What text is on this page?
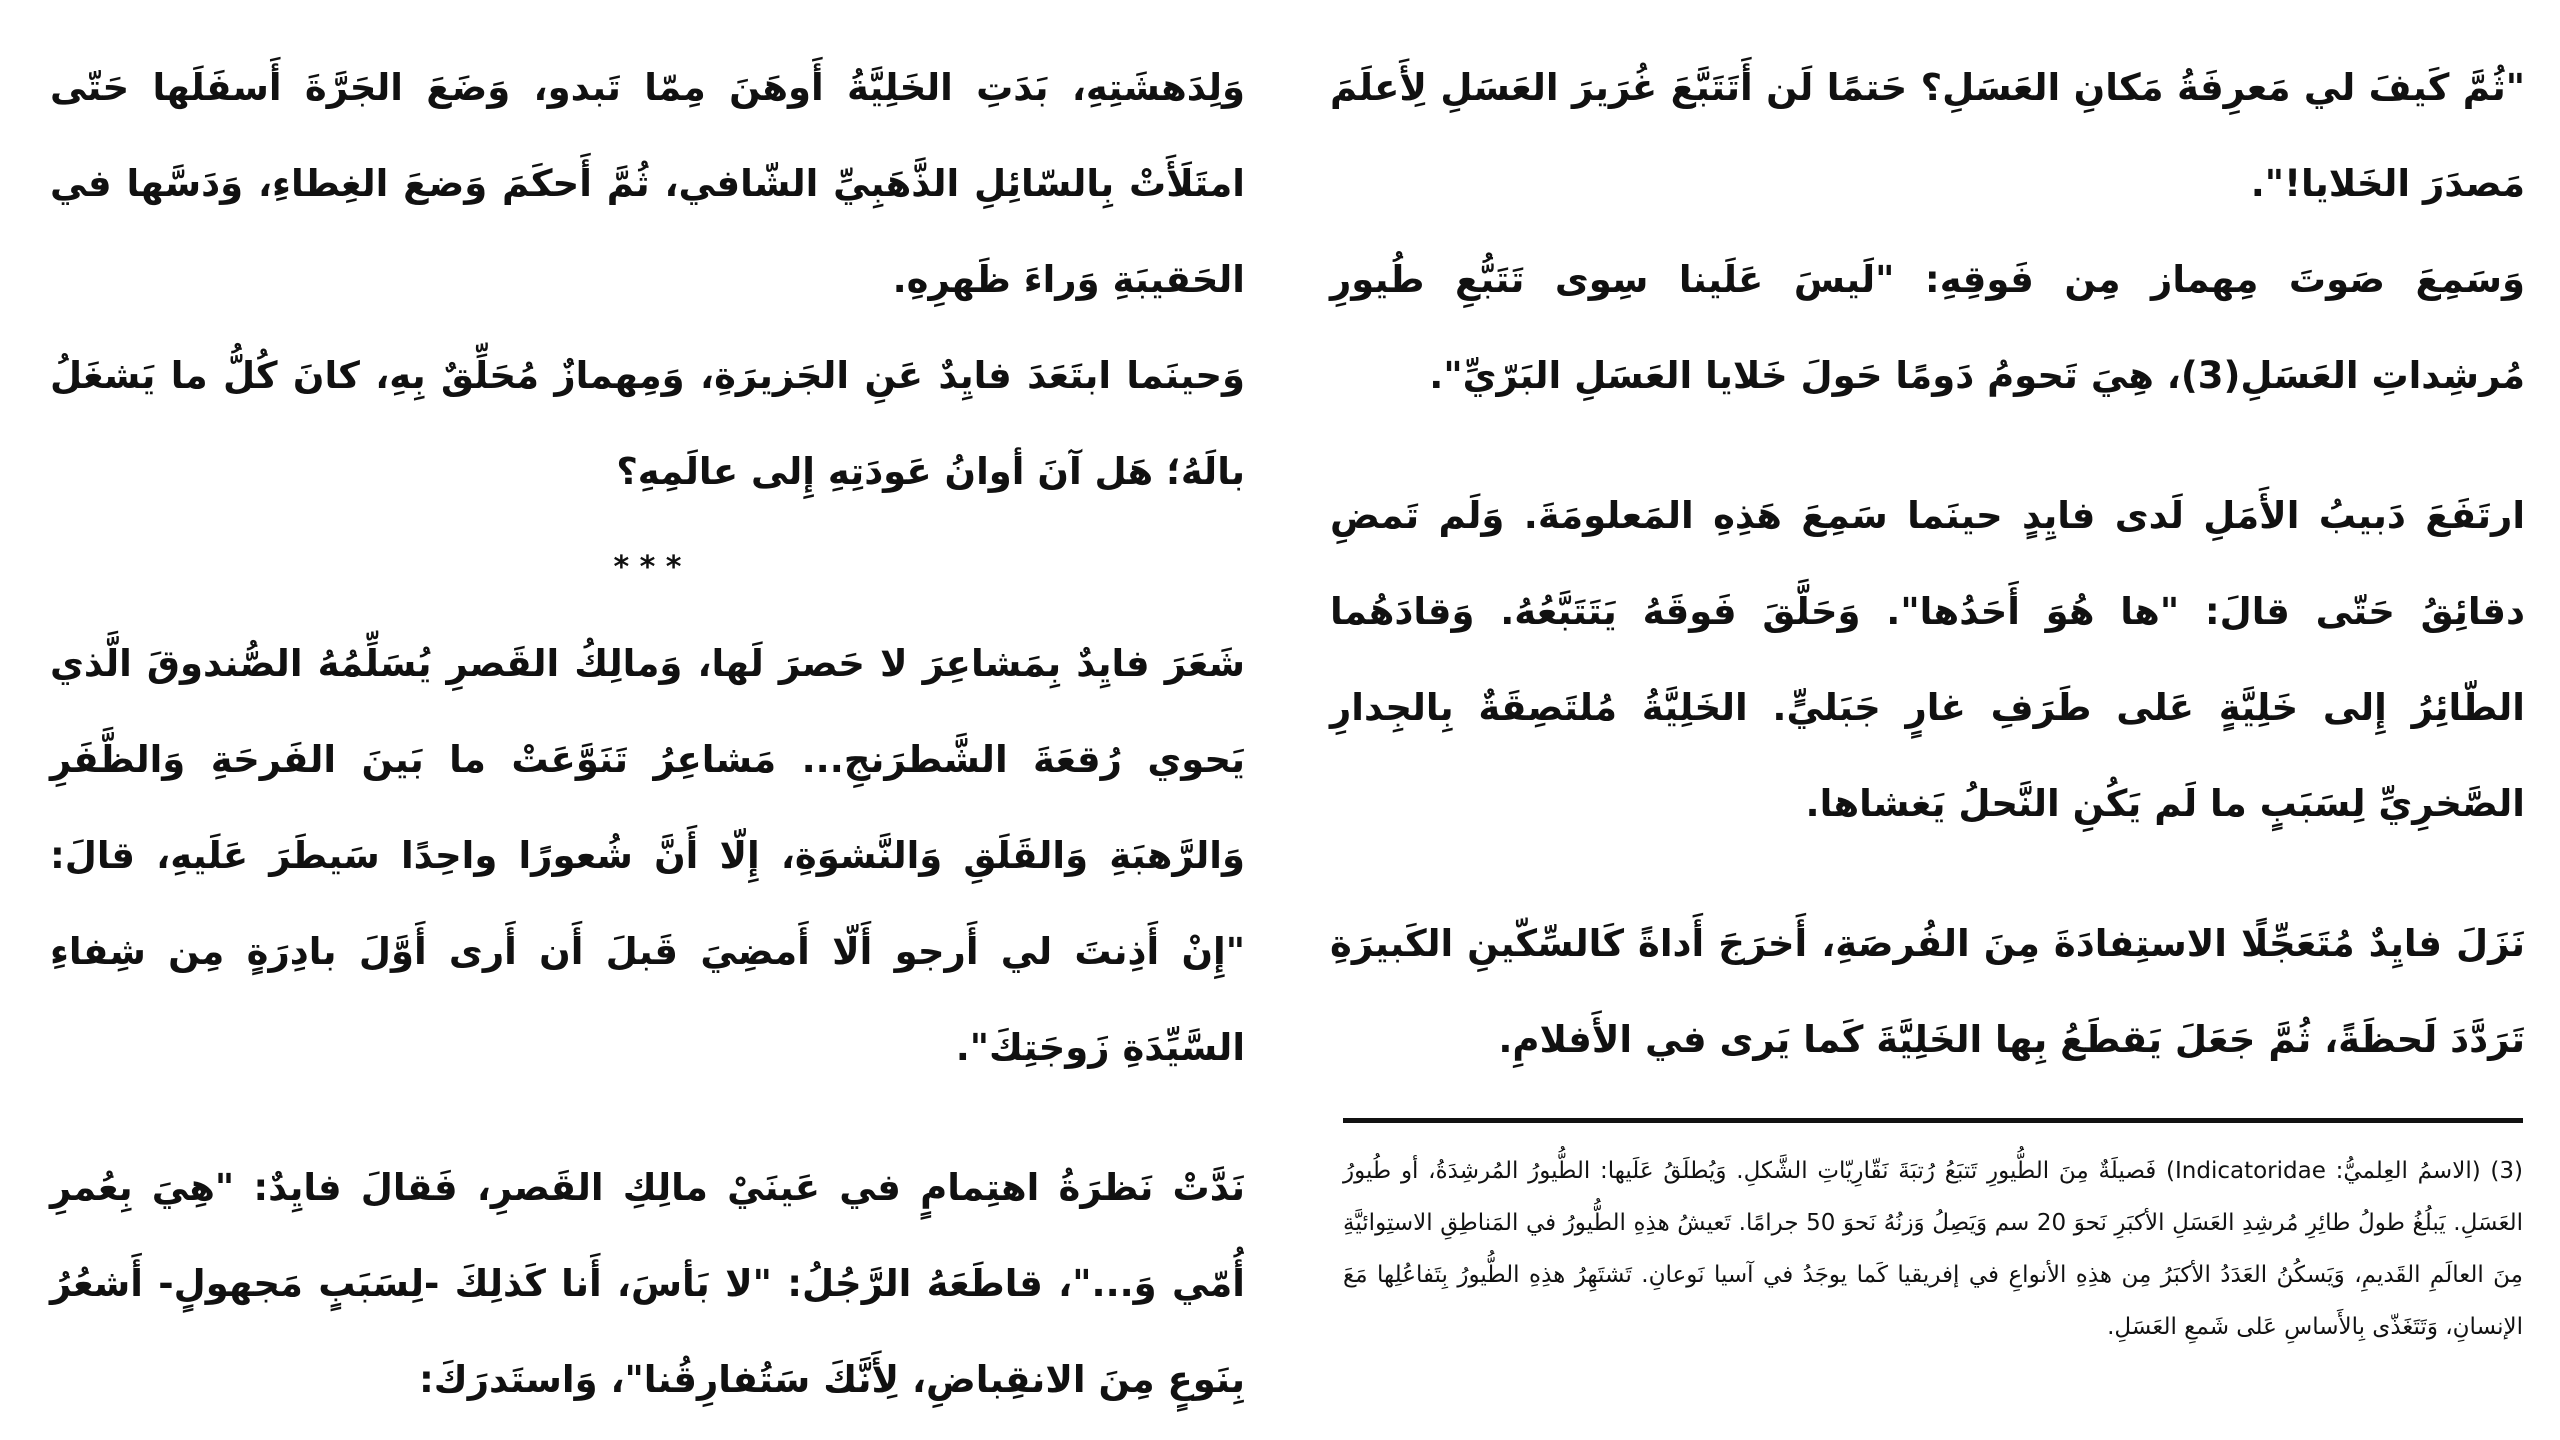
"ثُمَّ كَيفَ لي مَعرِفَةُ مَكانِ العَسَلِ؟ حَتمًا لَن أَتَتَبَّعَ غُرَيرَ العَسَلِ لِأَعلَمَ مَصدَرَ الخَلايا!".

وَسَمِعَ صَوتَ مِهماز مِن فَوقِهِ: "لَيسَ عَلَينا سِوى تَتَبُّعِ طُيورِ مُرشِداتِ العَسَلِ(3)، هِيَ تَحومُ دَومًا حَولَ خَلايا العَسَلِ البَرّيِّ".

ارتَفَعَ دَبيبُ الأَمَلِ لَدى فايِدٍ حينَما سَمِعَ هَذِهِ المَعلومَةَ. وَلَم تَمضِ دقائِقُ حَتّى قالَ: "ها هُوَ أَحَدُها". وَحَلَّقَ فَوقَهُ يَتَتَبَّعُهُ. وَقادَهُما الطّائِرُ إِلى خَلِيَّةٍ عَلى طَرَفِ غارٍ جَبَليٍّ. الخَلِيَّةُ مُلتَصِقَةٌ بِالجِدارِ الصَّخرِيِّ لِسَبَبٍ ما لَم يَكُنِ النَّحلُ يَغشاها.

نَزَلَ فايِدٌ مُتَعَجِّلًا الاستِفادَةَ مِنَ الفُرصَةِ، أَخرَجَ أَداةً كَالسِّكّينِ الكَبيرَةِ تَرَدَّدَ لَحظَةً، ثُمَّ جَعَلَ يَقطَعُ بِها الخَلِيَّةَ كَما يَرى في الأَفلامِ.

(3) (الاسمُ العِلميُّ: Indicatoridae) فَصيلَةٌ مِنَ الطُّيورِ تَتبَعُ رُتبَةَ نَقّارِيّاتِ الشَّكلِ. وَيُطلَقُ عَلَيها: الطُّيورُ المُرشِدَةُ، أو طُيورُ العَسَلِ. يَبلُغُ طولُ طائِرِ مُرشِدِ العَسَلِ الأكبَرِ نَحوَ 20 سم وَيَصِلُ وَزنُهُ نَحوَ 50 جرامًا. تَعيشُ هذِهِ الطُّيورُ في المَناطِقِ الاستِوائيَّةِ مِنَ العالَمِ القَديمِ، وَيَسكُنُ العَدَدُ الأكبَرُ مِن هذِهِ الأنواعِ في إفريقيا كَما يوجَدُ في آسيا نَوعانِ. تَشتَهِرُ هذِهِ الطُّيورُ بِتَفاعُلِها مَعَ الإنسانِ، وَتَتَغَذّى بِالأَساسِ عَلى شَمعِ العَسَلِ.

وَلِدَهشَتِهِ، بَدَتِ الخَلِيَّةُ أَوهَنَ مِمّا تَبدو، وَضَعَ الجَرَّةَ أَسفَلَها حَتّى امتَلَأَتْ بِالسّائِلِ الذَّهَبِيِّ الشّافي، ثُمَّ أَحكَمَ وَضعَ الغِطاءِ، وَدَسَّها في الحَقيبَةِ وَراءَ ظَهرِهِ.

وَحينَما ابتَعَدَ فايِدٌ عَنِ الجَزيرَةِ، وَمِهمازٌ مُحَلِّقٌ بِهِ، كانَ كُلُّ ما يَشغَلُ بالَهُ؛ هَل آنَ أوانُ عَودَتِهِ إِلى عالَمِهِ؟

* * *

شَعَرَ فايِدٌ بِمَشاعِرَ لا حَصرَ لَها، وَمالِكُ القَصرِ يُسَلِّمُهُ الصُّندوقَ الَّذي يَحوي رُقعَةَ الشَّطرَنجِ... مَشاعِرُ تَنَوَّعَتْ ما بَينَ الفَرحَةِ وَالظَّفَرِ وَالرَّهبَةِ وَالقَلَقِ وَالنَّشوَةِ، إِلّا أَنَّ شُعورًا واحِدًا سَيطَرَ عَلَيهِ، قالَ: "إِنْ أَذِنتَ لي أَرجو أَلّا أَمضِيَ قَبلَ أَن أَرى أَوَّلَ بادِرَةٍ مِن شِفاءِ السَّيِّدَةِ زَوجَتِكَ".

نَدَّتْ نَظرَةُ اهتِمامٍ في عَينَيْ مالِكِ القَصرِ، فَقالَ فايِدٌ: "هِيَ بِعُمرِ أُمّي وَ..."، قاطَعَهُ الرَّجُلُ: "لا بَأسَ، أَنا كَذلِكَ -لِسَبَبٍ مَجهولٍ- أَشعُرُ بِنَوعٍ مِنَ الانقِباضِ، لِأَنَّكَ سَتُفارِقُنا"، وَاستَدرَكَ:
